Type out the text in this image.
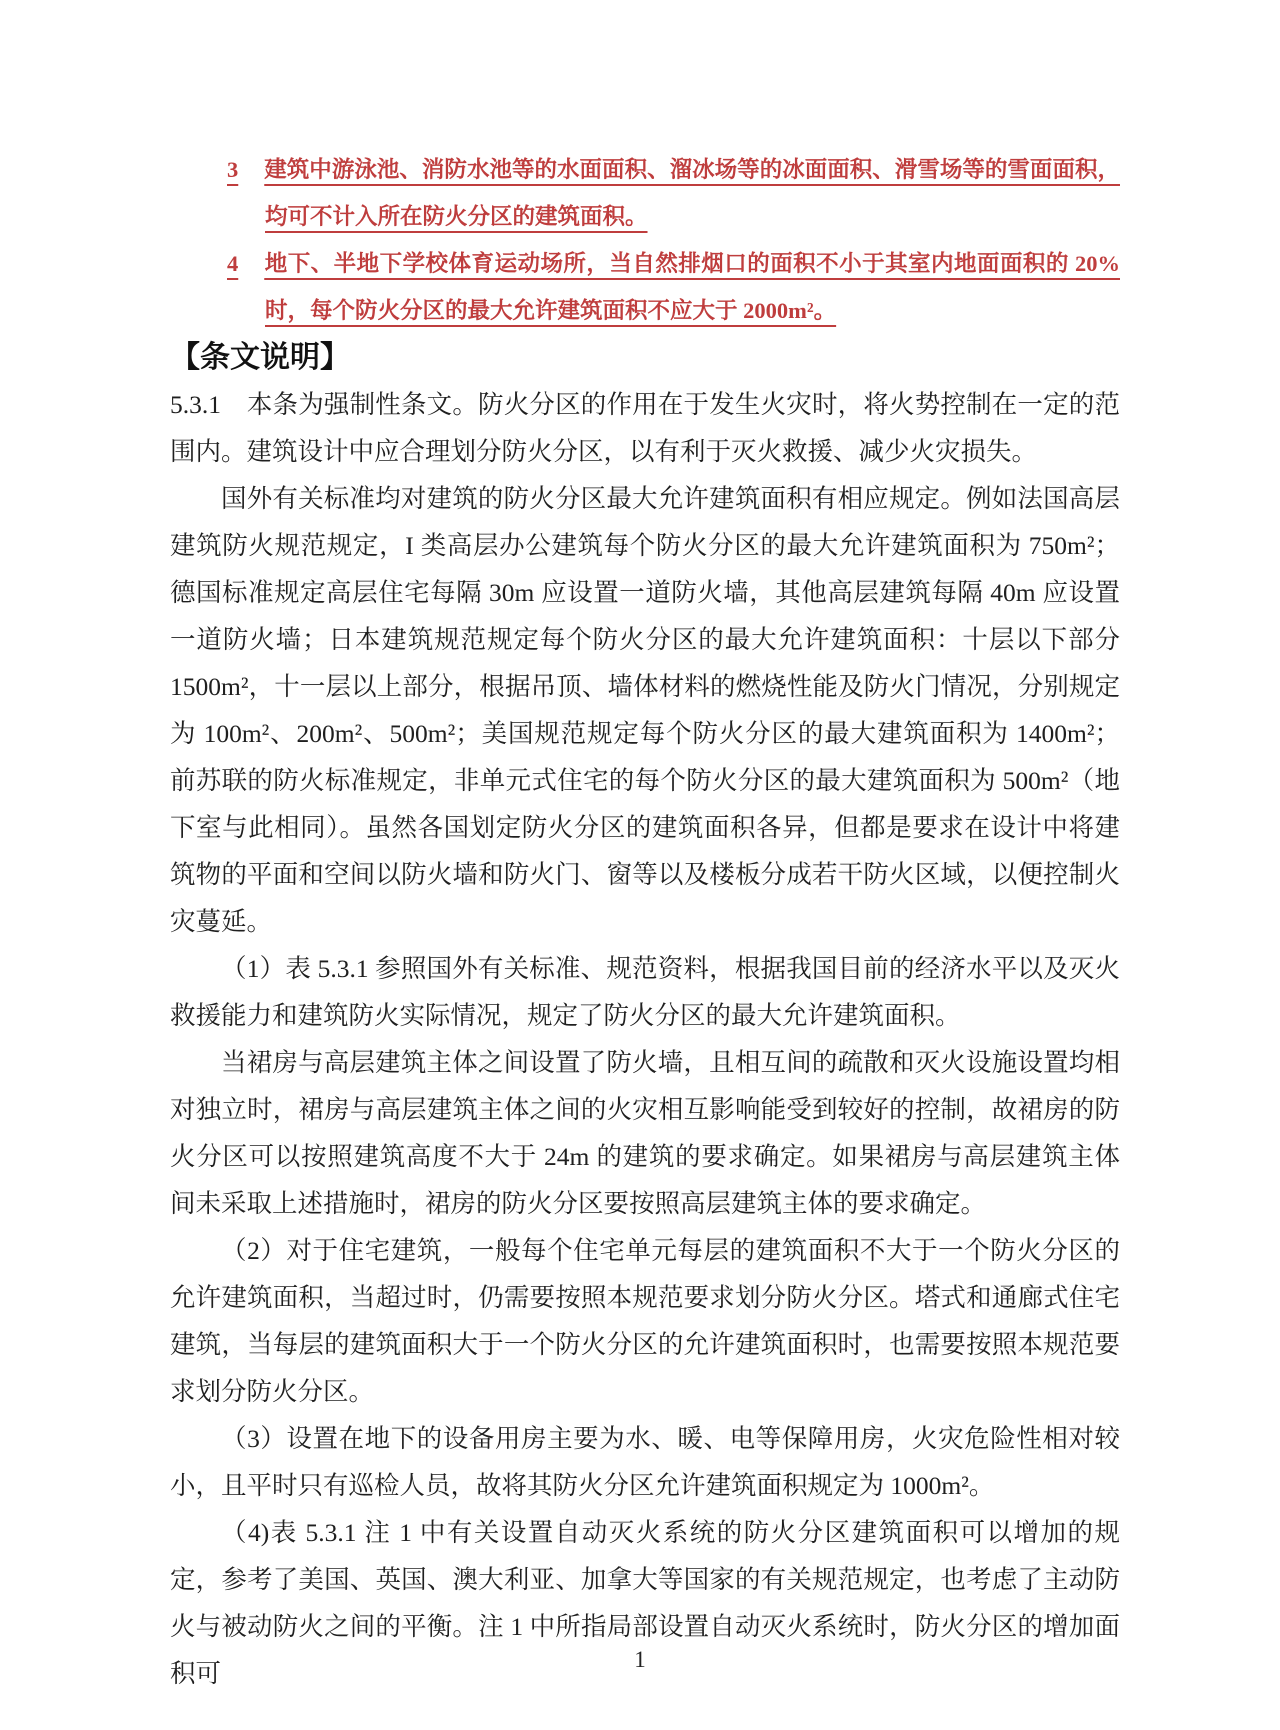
3 建筑中游泳池、消防水池等的水面面积、溜冰场等的冰面面积、滑雪场等的雪面面积，均可不计入所在防火分区的建筑面积。

4 地下、半地下学校体育运动场所，当自然排烟口的面积不小于其室内地面面积的 20%时，每个防火分区的最大允许建筑面积不应大于 2000m²。

【条文说明】

5.3.1　本条为强制性条文。防火分区的作用在于发生火灾时，将火势控制在一定的范围内。建筑设计中应合理划分防火分区，以有利于灭火救援、减少火灾损失。

国外有关标准均对建筑的防火分区最大允许建筑面积有相应规定。例如法国高层建筑防火规范规定，I 类高层办公建筑每个防火分区的最大允许建筑面积为 750m²；德国标准规定高层住宅每隔 30m 应设置一道防火墙，其他高层建筑每隔 40m 应设置一道防火墙；日本建筑规范规定每个防火分区的最大允许建筑面积：十层以下部分 1500m²，十一层以上部分，根据吊顶、墙体材料的燃烧性能及防火门情况，分别规定为 100m²、200m²、500m²；美国规范规定每个防火分区的最大建筑面积为 1400m²；前苏联的防火标准规定，非单元式住宅的每个防火分区的最大建筑面积为 500m²（地下室与此相同）。虽然各国划定防火分区的建筑面积各异，但都是要求在设计中将建筑物的平面和空间以防火墙和防火门、窗等以及楼板分成若干防火区域，以便控制火灾蔓延。

（1）表 5.3.1 参照国外有关标准、规范资料，根据我国目前的经济水平以及灭火救援能力和建筑防火实际情况，规定了防火分区的最大允许建筑面积。

当裙房与高层建筑主体之间设置了防火墙，且相互间的疏散和灭火设施设置均相对独立时，裙房与高层建筑主体之间的火灾相互影响能受到较好的控制，故裙房的防火分区可以按照建筑高度不大于 24m 的建筑的要求确定。如果裙房与高层建筑主体间未采取上述措施时，裙房的防火分区要按照高层建筑主体的要求确定。

（2）对于住宅建筑，一般每个住宅单元每层的建筑面积不大于一个防火分区的允许建筑面积，当超过时，仍需要按照本规范要求划分防火分区。塔式和通廊式住宅建筑，当每层的建筑面积大于一个防火分区的允许建筑面积时，也需要按照本规范要求划分防火分区。

（3）设置在地下的设备用房主要为水、暖、电等保障用房，火灾危险性相对较小，且平时只有巡检人员，故将其防火分区允许建筑面积规定为 1000m²。

（4)表 5.3.1 注 1 中有关设置自动灭火系统的防火分区建筑面积可以增加的规定，参考了美国、英国、澳大利亚、加拿大等国家的有关规范规定，也考虑了主动防火与被动防火之间的平衡。注 1 中所指局部设置自动灭火系统时，防火分区的增加面积可	1
